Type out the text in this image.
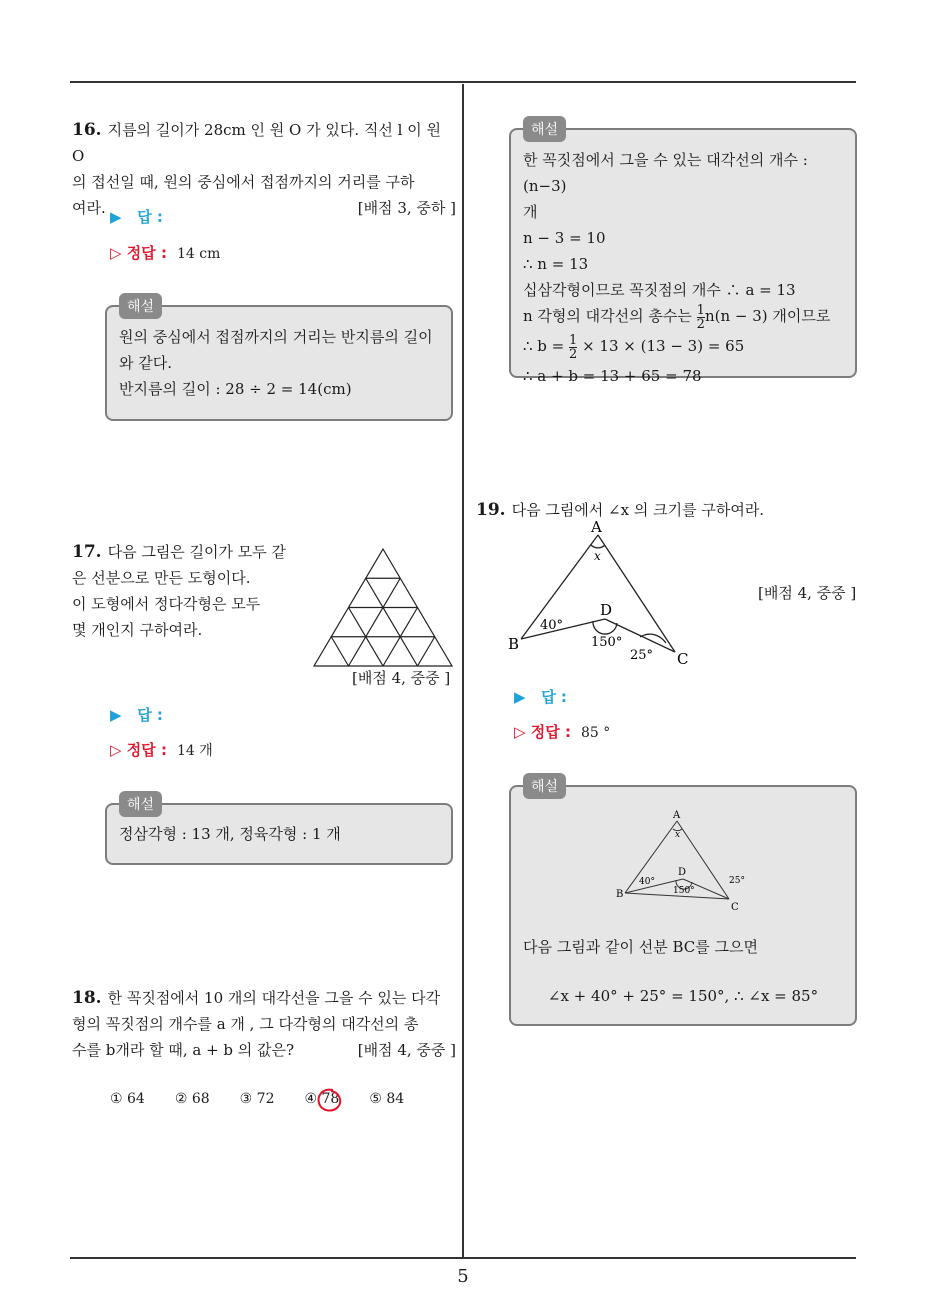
5
16. 지름의 길이가 28cm 인 원 O 가 있다. 직선 l 이 원 O
의 접선일 때, 원의 중심에서 접점까지의 거리를 구하
여라.	[배점 3, 중하 ]
▶ 답 :
▷ 정답 : 14 cm
해설
원의 중심에서 접점까지의 거리는 반지름의 길이
와 같다.
반지름의 길이 : 28 ÷ 2 = 14(cm)
17. 다음 그림은 길이가 모두 같
은 선분으로 만든 도형이다.
이 도형에서 정다각형은 모두
몇 개인지 구하여라.
[배점 4, 중중 ]
▶ 답 :
▷ 정답 : 14 개
해설
정삼각형 : 13 개, 정육각형 : 1 개
18. 한 꼭짓점에서 10 개의 대각선을 그을 수 있는 다각
형의 꼭짓점의 개수를 a 개 , 그 다각형의 대각선의 총
수를 b개라 할 때, a + b 의 값은?	[배점 4, 중중 ]
① 64 ② 68 ③ 72 ④ 78 ⑤ 84
해설
한 꼭짓점에서 그을 수 있는 대각선의 개수 : (n−3)
개
n − 3 = 10
∴ n = 13
십삼각형이므로 꼭짓점의 개수 ∴ a = 13
n 각형의 대각선의 총수는 $\frac{1}{2} n(n - 3)$ 개이므로
∴ $b = \frac{1}{2} \times 13 \times (13 - 3) = 65$
∴ a + b = 13 + 65 = 78
19. 다음 그림에서 ∠x 의 크기를 구하여라.
A
x
B
40°
D
150°
25° C
[배점 4, 중중 ]
▶ 답 :
▷ 정답 : 85 °
해설
A
x
B
40°
D
150°
25°
C
다음 그림과 같이 선분 BC를 그으면
∠x + 40° + 25° = 150°, ∴ ∠x = 85°
